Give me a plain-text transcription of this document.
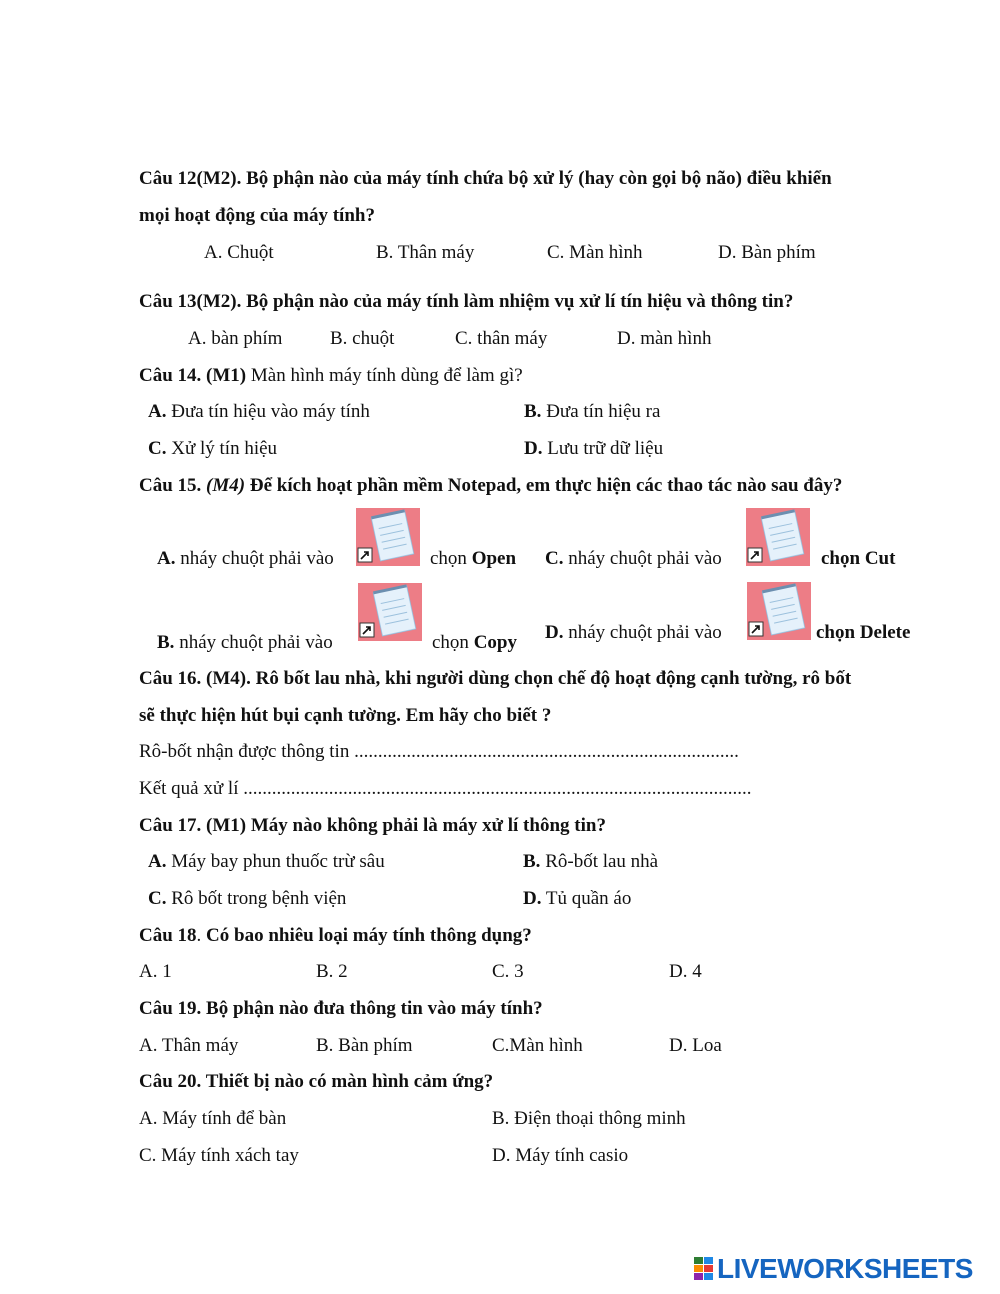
Câu 12(M2). Bộ phận nào của máy tính chứa bộ xử lý (hay còn gọi bộ não) điều khiển
mọi hoạt động của máy tính?
A. Chuột	B. Thân máy	C. Màn hình	D. Bàn phím
Câu 13(M2). Bộ phận nào của máy tính làm nhiệm vụ xử lí tín hiệu và thông tin?
A. bàn phím	B. chuột	C. thân máy	D. màn hình
Câu 14. (M1) Màn hình máy tính dùng để làm gì?
A. Đưa tín hiệu vào máy tính	B. Đưa tín hiệu ra
C. Xử lý tín hiệu	D. Lưu trữ dữ liệu
Câu 15. (M4) Để kích hoạt phần mềm Notepad, em thực hiện các thao tác nào sau đây?
A. nháy chuột phải vào	chọn Open C. nháy chuột phải vào	chọn Cut
B. nháy chuột phải vào	chọn Copy D. nháy chuột phải vào	chọn Delete
Câu 16. (M4). Rô bốt lau nhà, khi người dùng chọn chế độ hoạt động cạnh tường, rô bốt
sẽ thực hiện hút bụi cạnh tường. Em hãy cho biết ?
Rô-bốt nhận được thông tin .................................................................................
Kết quả xử lí ...........................................................................................................
Câu 17. (M1) Máy nào không phải là máy xử lí thông tin?
A. Máy bay phun thuốc trừ sâu	B. Rô-bốt lau nhà
C. Rô bốt trong bệnh viện	D. Tủ quần áo
Câu 18. Có bao nhiêu loại máy tính thông dụng?
A. 1	B. 2	C. 3	D. 4
Câu 19. Bộ phận nào đưa thông tin vào máy tính?
A. Thân máy	B. Bàn phím	C.Màn hình	D. Loa
Câu 20. Thiết bị nào có màn hình cảm ứng?
A. Máy tính để bàn	B. Điện thoại thông minh
C. Máy tính xách tay	D. Máy tính casio
LIVEWORKSHEETS
